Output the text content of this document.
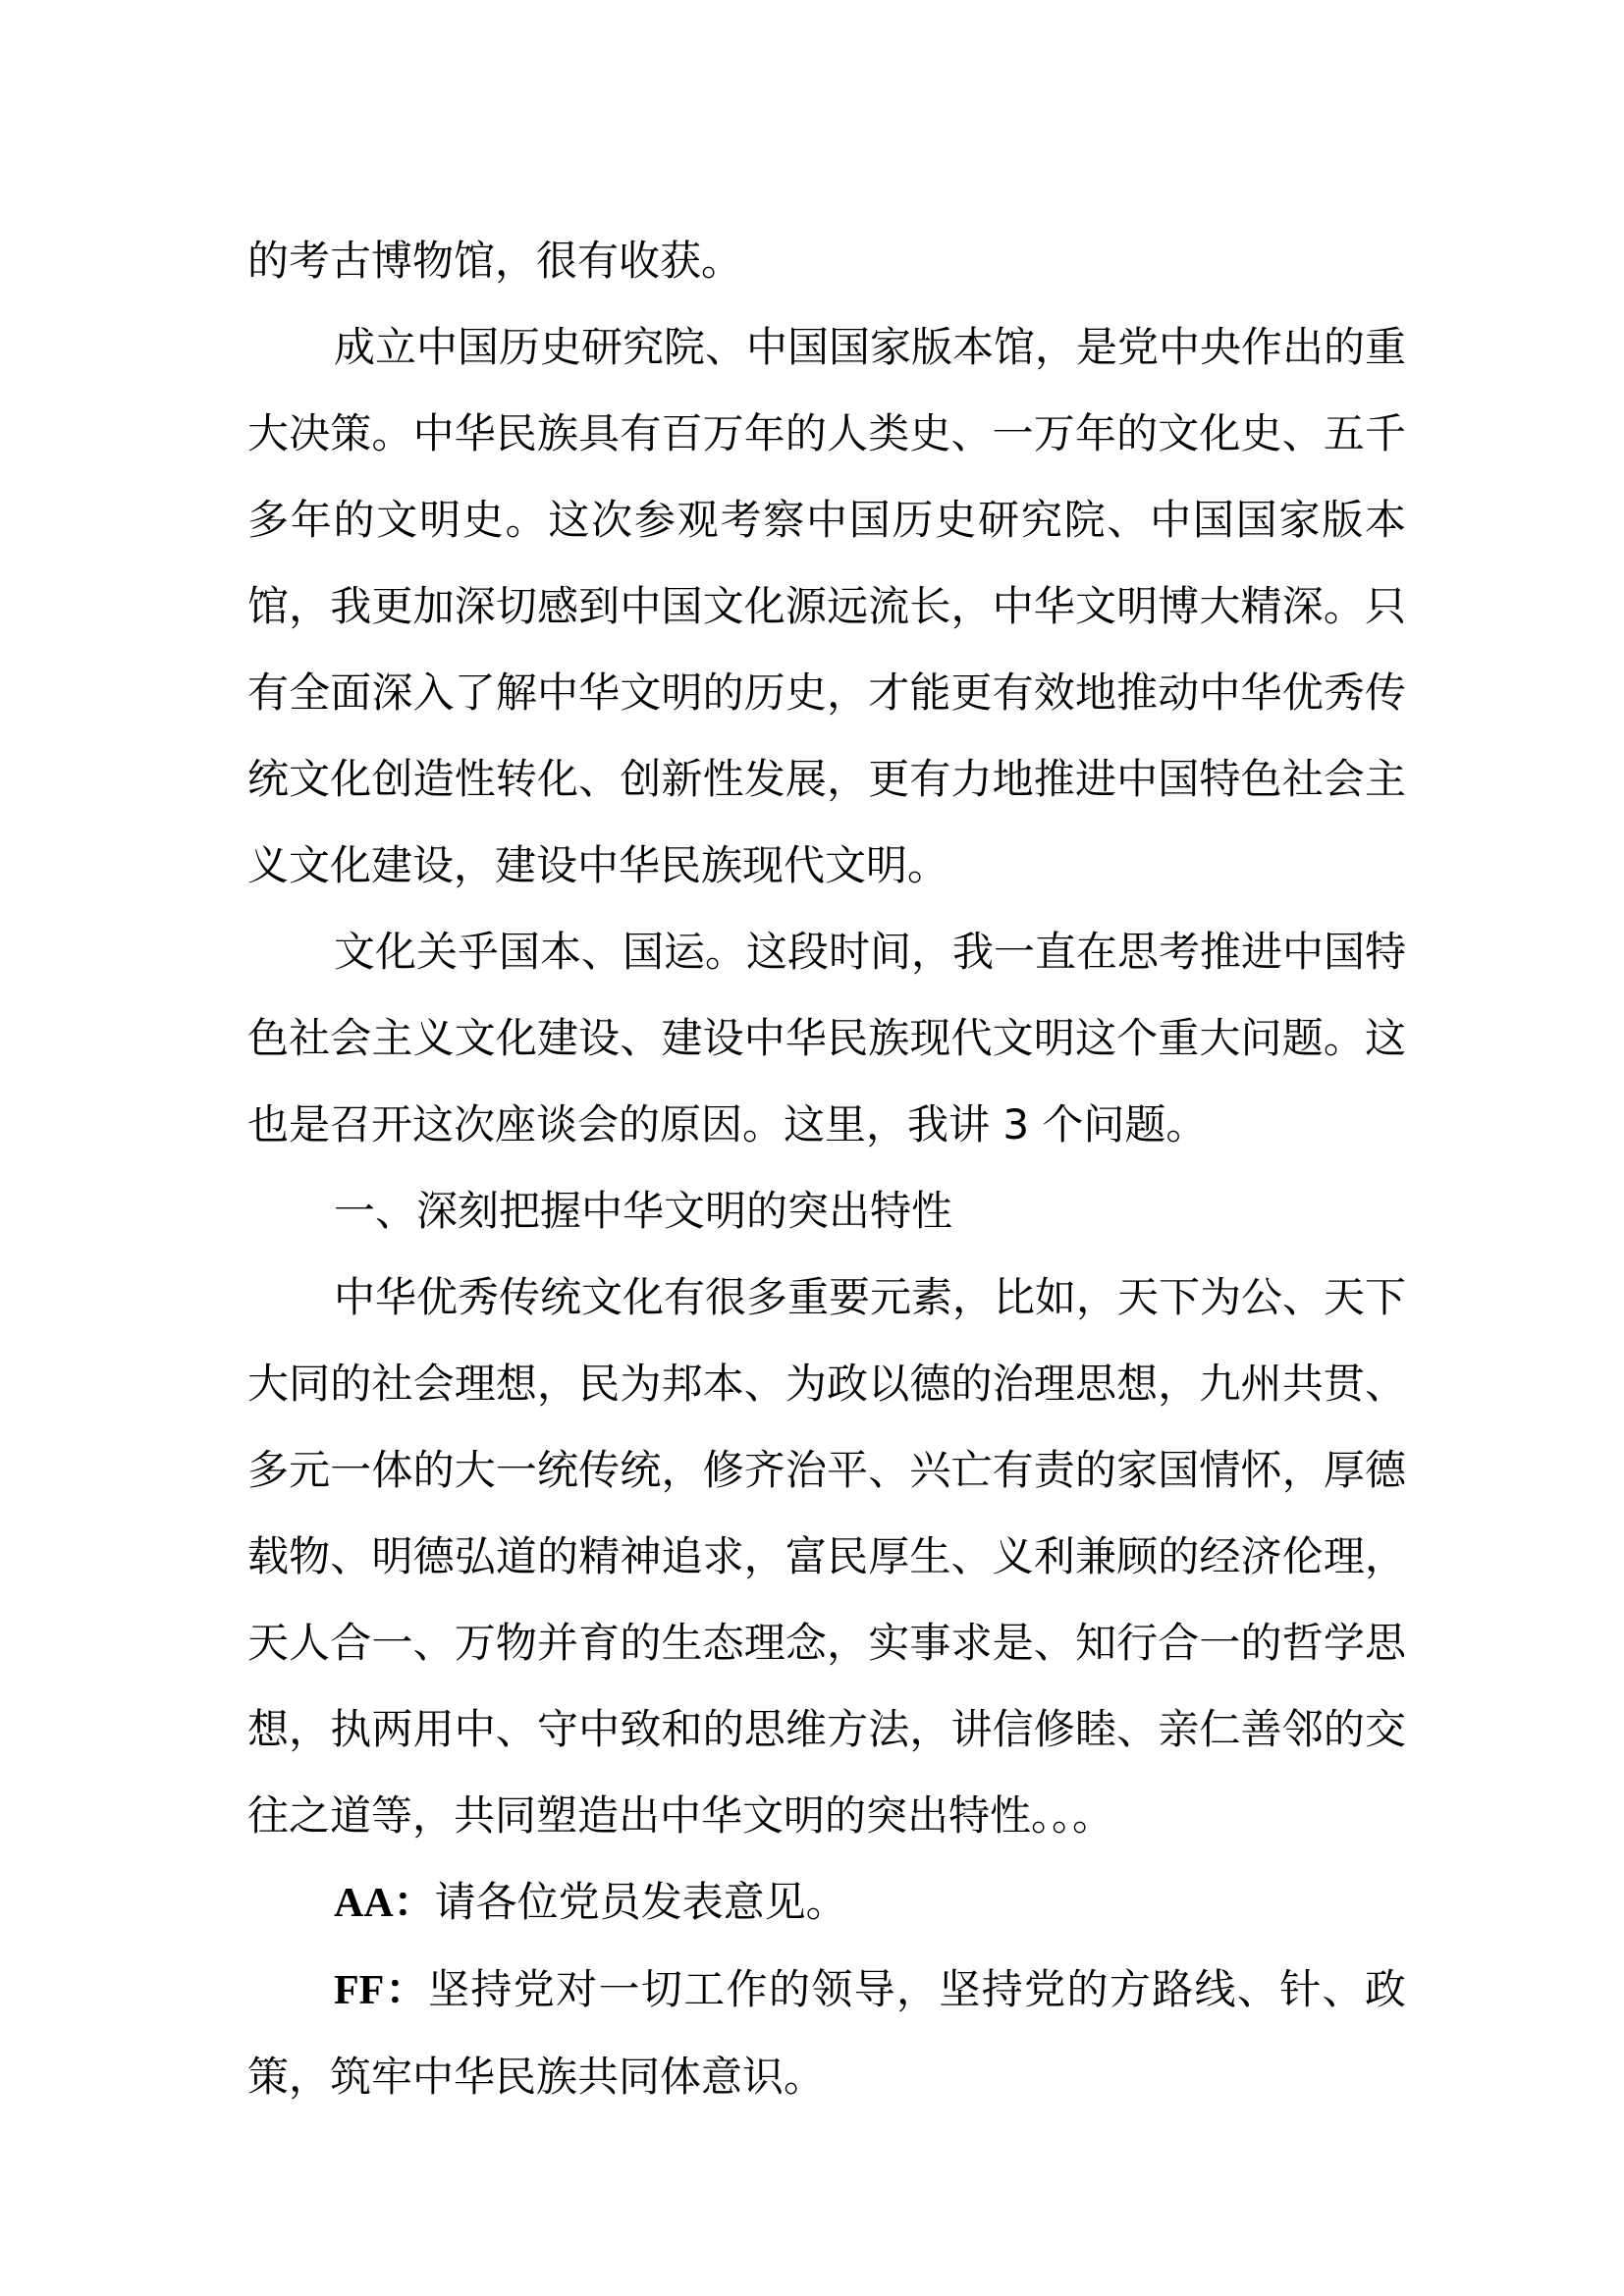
的考古博物馆，很有收获。

成立中国历史研究院、中国国家版本馆，是党中央作出的重大决策。中华民族具有百万年的人类史、一万年的文化史、五千多年的文明史。这次参观考察中国历史研究院、中国国家版本馆，我更加深切感到中国文化源远流长，中华文明博大精深。只有全面深入了解中华文明的历史，才能更有效地推动中华优秀传统文化创造性转化、创新性发展，更有力地推进中国特色社会主义文化建设，建设中华民族现代文明。

文化关乎国本、国运。这段时间，我一直在思考推进中国特色社会主义文化建设、建设中华民族现代文明这个重大问题。这也是召开这次座谈会的原因。这里，我讲 3 个问题。

一、深刻把握中华文明的突出特性

中华优秀传统文化有很多重要元素，比如，天下为公、天下大同的社会理想，民为邦本、为政以德的治理思想，九州共贯、多元一体的大一统传统，修齐治平、兴亡有责的家国情怀，厚德载物、明德弘道的精神追求，富民厚生、义利兼顾的经济伦理，天人合一、万物并育的生态理念，实事求是、知行合一的哲学思想，执两用中、守中致和的思维方法，讲信修睦、亲仁善邻的交往之道等，共同塑造出中华文明的突出特性。。。

AA：请各位党员发表意见。

FF：坚持党对一切工作的领导，坚持党的方路线、针、政策，筑牢中华民族共同体意识。
